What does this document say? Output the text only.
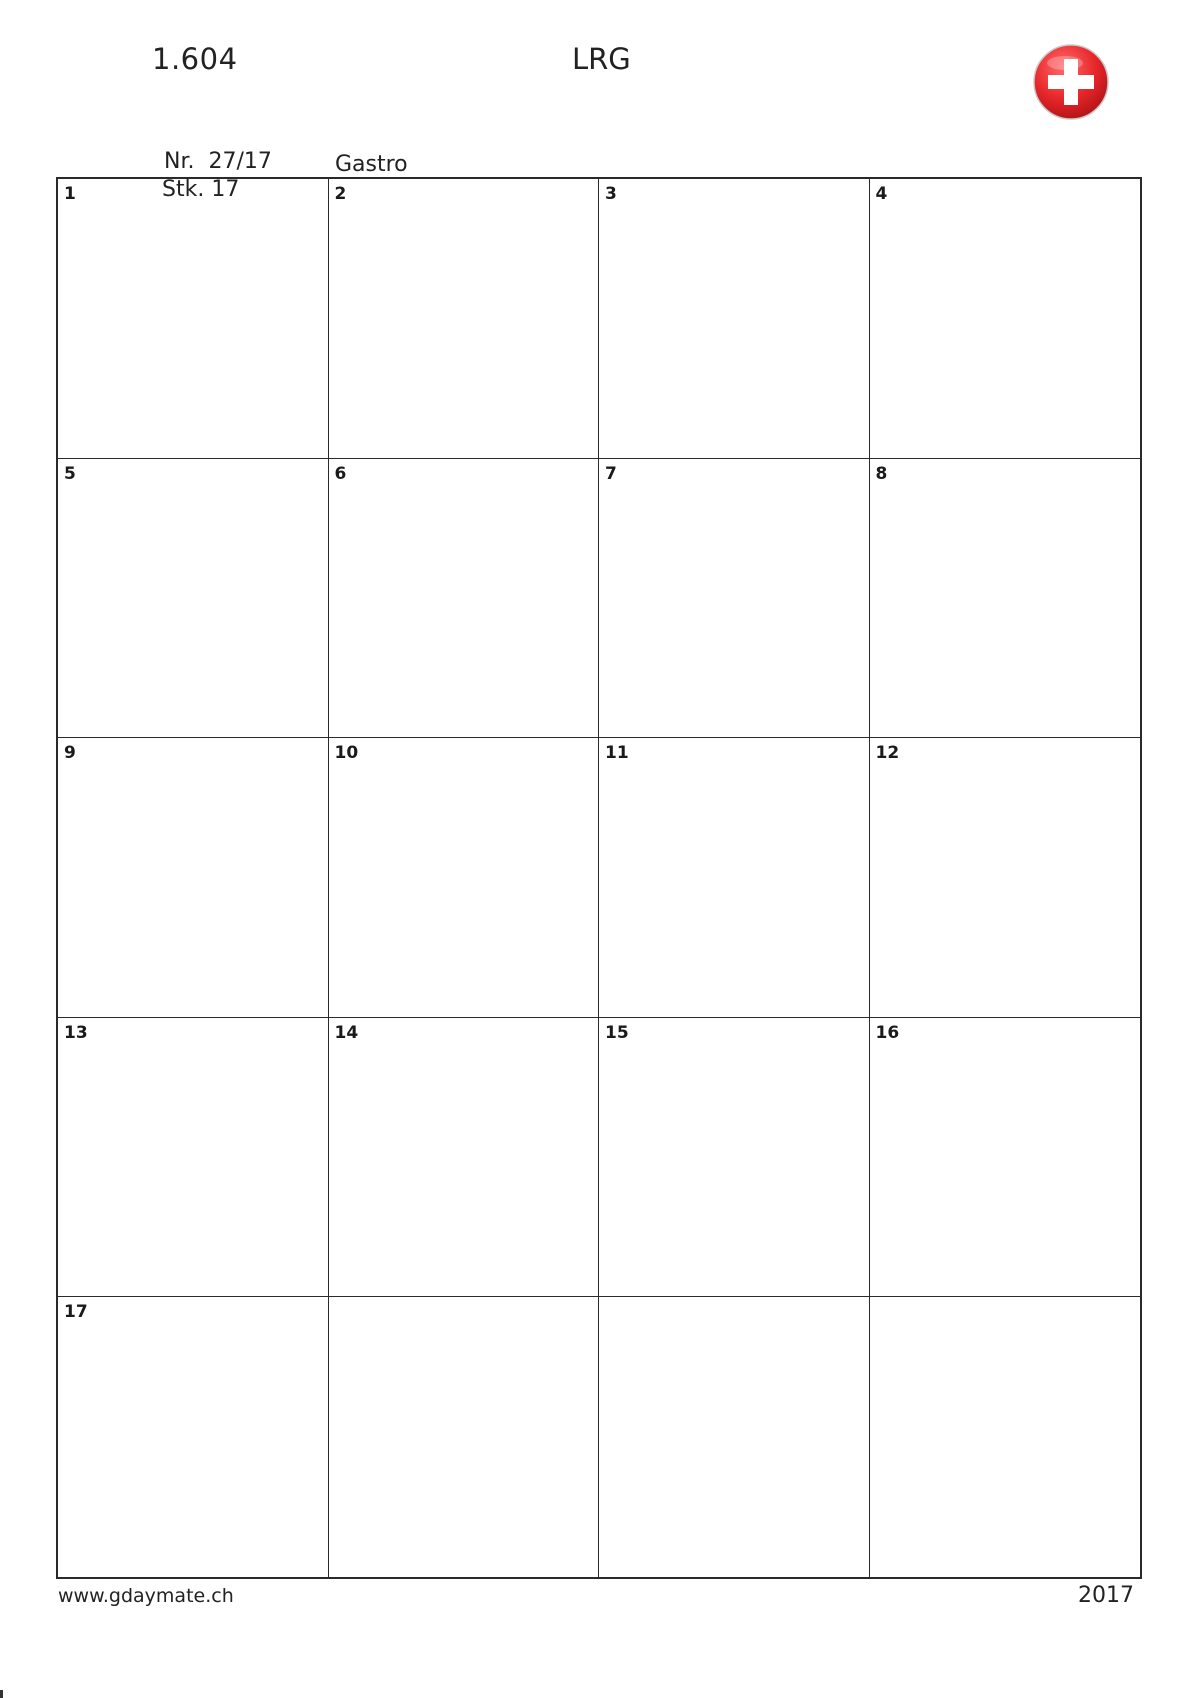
1.604	LRG

Nr. 27/17

Stk. 17

Gastro
1	2	3	4
5	6	7	8
9	10	11	12
13	14	15	16
17
www.gdaymate.ch	2017
